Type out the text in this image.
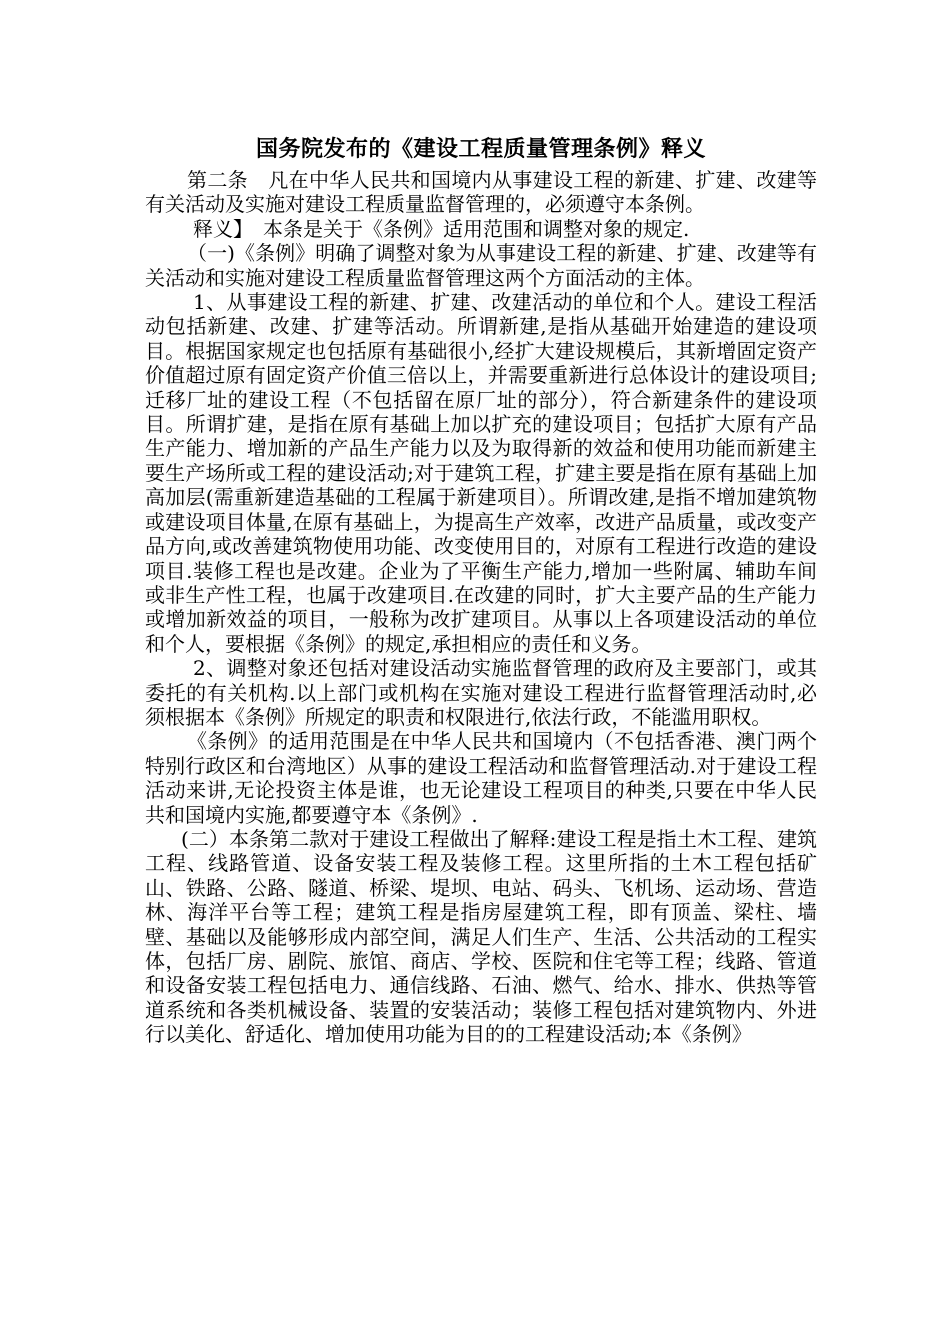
国务院发布的《建设工程质量管理条例》释义

第二条　凡在中华人民共和国境内从事建设工程的新建、扩建、改建等有关活动及实施对建设工程质量监督管理的，必须遵守本条例。

释义】　本条是关于《条例》适用范围和调整对象的规定.

（一)《条例》明确了调整对象为从事建设工程的新建、扩建、改建等有关活动和实施对建设工程质量监督管理这两个方面活动的主体。

1、从事建设工程的新建、扩建、改建活动的单位和个人。建设工程活动包括新建、改建、扩建等活动。所谓新建,是指从基础开始建造的建设项目。根据国家规定也包括原有基础很小,经扩大建设规模后，其新增固定资产价值超过原有固定资产价值三倍以上，并需要重新进行总体设计的建设项目;迁移厂址的建设工程（不包括留在原厂址的部分），符合新建条件的建设项目。所谓扩建，是指在原有基础上加以扩充的建设项目；包括扩大原有产品生产能力、增加新的产品生产能力以及为取得新的效益和使用功能而新建主要生产场所或工程的建设活动;对于建筑工程，扩建主要是指在原有基础上加高加层(需重新建造基础的工程属于新建项目）。所谓改建,是指不增加建筑物或建设项目体量,在原有基础上，为提高生产效率，改进产品质量，或改变产品方向,或改善建筑物使用功能、改变使用目的，对原有工程进行改造的建设项目.装修工程也是改建。企业为了平衡生产能力,增加一些附属、辅助车间或非生产性工程，也属于改建项目.在改建的同时，扩大主要产品的生产能力或增加新效益的项目，一般称为改扩建项目。从事以上各项建设活动的单位和个人，要根据《条例》的规定,承担相应的责任和义务。

2、调整对象还包括对建设活动实施监督管理的政府及主要部门，或其委托的有关机构.以上部门或机构在实施对建设工程进行监督管理活动时,必须根据本《条例》所规定的职责和权限进行,依法行政，不能滥用职权。

《条例》的适用范围是在中华人民共和国境内（不包括香港、澳门两个特别行政区和台湾地区）从事的建设工程活动和监督管理活动.对于建设工程活动来讲,无论投资主体是谁，也无论建设工程项目的种类,只要在中华人民共和国境内实施,都要遵守本《条例》.

(二）本条第二款对于建设工程做出了解释:建设工程是指土木工程、建筑工程、线路管道、设备安装工程及装修工程。这里所指的土木工程包括矿山、铁路、公路、隧道、桥梁、堤坝、电站、码头、飞机场、运动场、营造林、海洋平台等工程；建筑工程是指房屋建筑工程，即有顶盖、梁柱、墙壁、基础以及能够形成内部空间，满足人们生产、生活、公共活动的工程实体，包括厂房、剧院、旅馆、商店、学校、医院和住宅等工程；线路、管道和设备安装工程包括电力、通信线路、石油、燃气、给水、排水、供热等管道系统和各类机械设备、装置的安装活动；装修工程包括对建筑物内、外进行以美化、舒适化、增加使用功能为目的的工程建设活动;本《条例》
